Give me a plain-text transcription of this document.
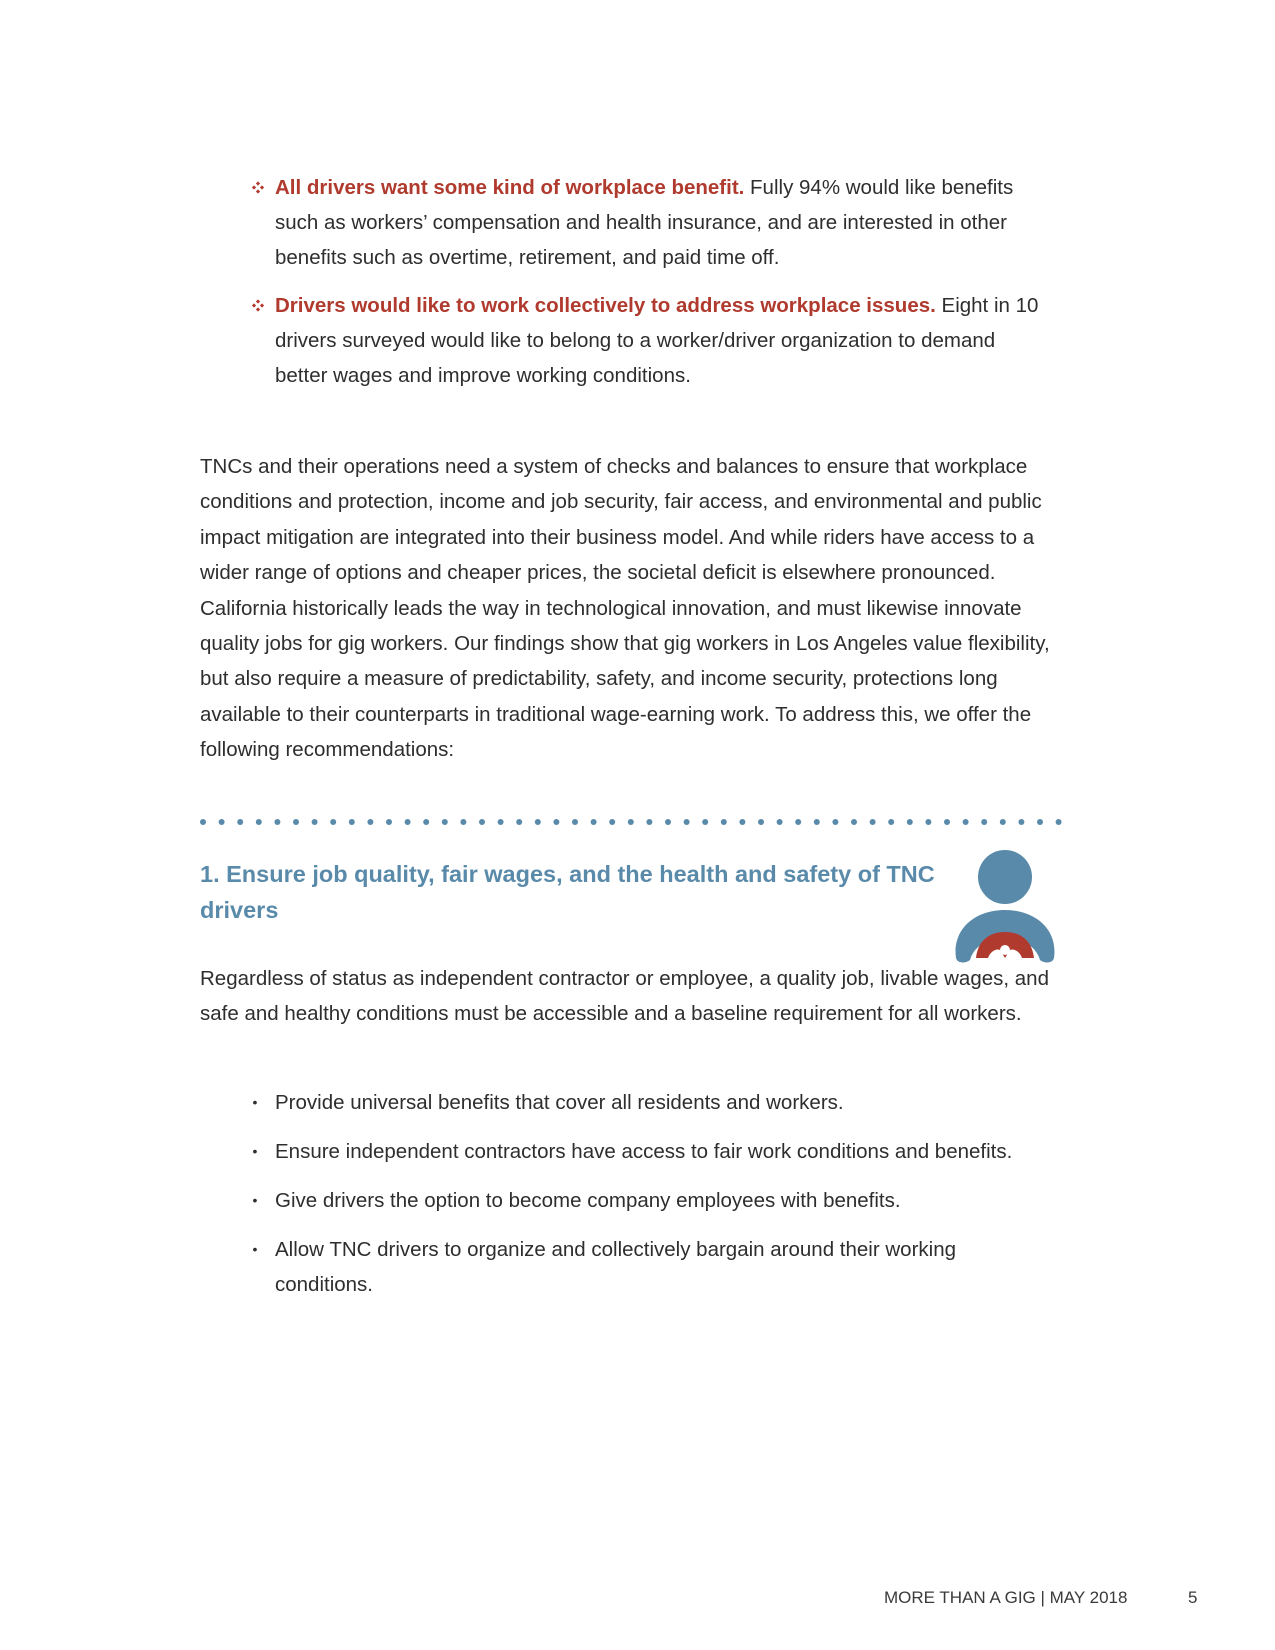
All drivers want some kind of workplace benefit. Fully 94% would like benefits such as workers’ compensation and health insurance, and are interested in other benefits such as overtime, retirement, and paid time off.
Drivers would like to work collectively to address workplace issues. Eight in 10 drivers surveyed would like to belong to a worker/driver organization to demand better wages and improve working conditions.

TNCs and their operations need a system of checks and balances to ensure that workplace conditions and protection, income and job security, fair access, and environmental and public impact mitigation are integrated into their business model. And while riders have access to a wider range of options and cheaper prices, the societal deficit is elsewhere pronounced. California historically leads the way in technological innovation, and must likewise innovate quality jobs for gig workers. Our findings show that gig workers in Los Angeles value flexibility, but also require a measure of predictability, safety, and income security, protections long available to their counterparts in traditional wage-earning work. To address this, we offer the following recommendations:

1. Ensure job quality, fair wages, and the health and safety of TNC drivers

Regardless of status as independent contractor or employee, a quality job, livable wages, and safe and healthy conditions must be accessible and a baseline requirement for all workers.

• Provide universal benefits that cover all residents and workers.
• Ensure independent contractors have access to fair work conditions and benefits.
• Give drivers the option to become company employees with benefits.
• Allow TNC drivers to organize and collectively bargain around their working conditions.
MORE THAN A GIG | MAY 2018	5
